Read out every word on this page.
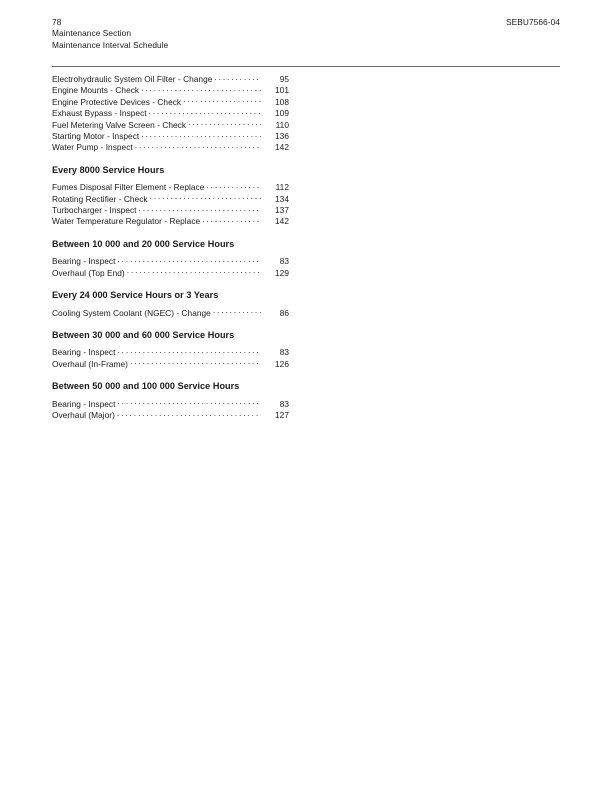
78
Maintenance Section
Maintenance Interval Schedule
SEBU7566-04
Electrohydraulic System Oil Filter - Change . . .	95
Engine Mounts - Check . . .	101
Engine Protective Devices - Check . . .	108
Exhaust Bypass - Inspect . . .	109
Fuel Metering Valve Screen - Check . . .	110
Starting Motor - Inspect . . .	136
Water Pump - Inspect . . .	142
Every 8000 Service Hours
Fumes Disposal Filter Element - Replace . . .	112
Rotating Rectifier - Check . . .	134
Turbocharger - Inspect . . .	137
Water Temperature Regulator - Replace . . .	142
Between 10 000 and 20 000 Service Hours
Bearing - Inspect . . .	83
Overhaul (Top End) . . .	129
Every 24 000 Service Hours or 3 Years
Cooling System Coolant (NGEC) - Change . . .	86
Between 30 000 and 60 000 Service Hours
Bearing - Inspect . . .	83
Overhaul (In-Frame) . . .	126
Between 50 000 and 100 000 Service Hours
Bearing - Inspect . . .	83
Overhaul (Major) . . .	127
